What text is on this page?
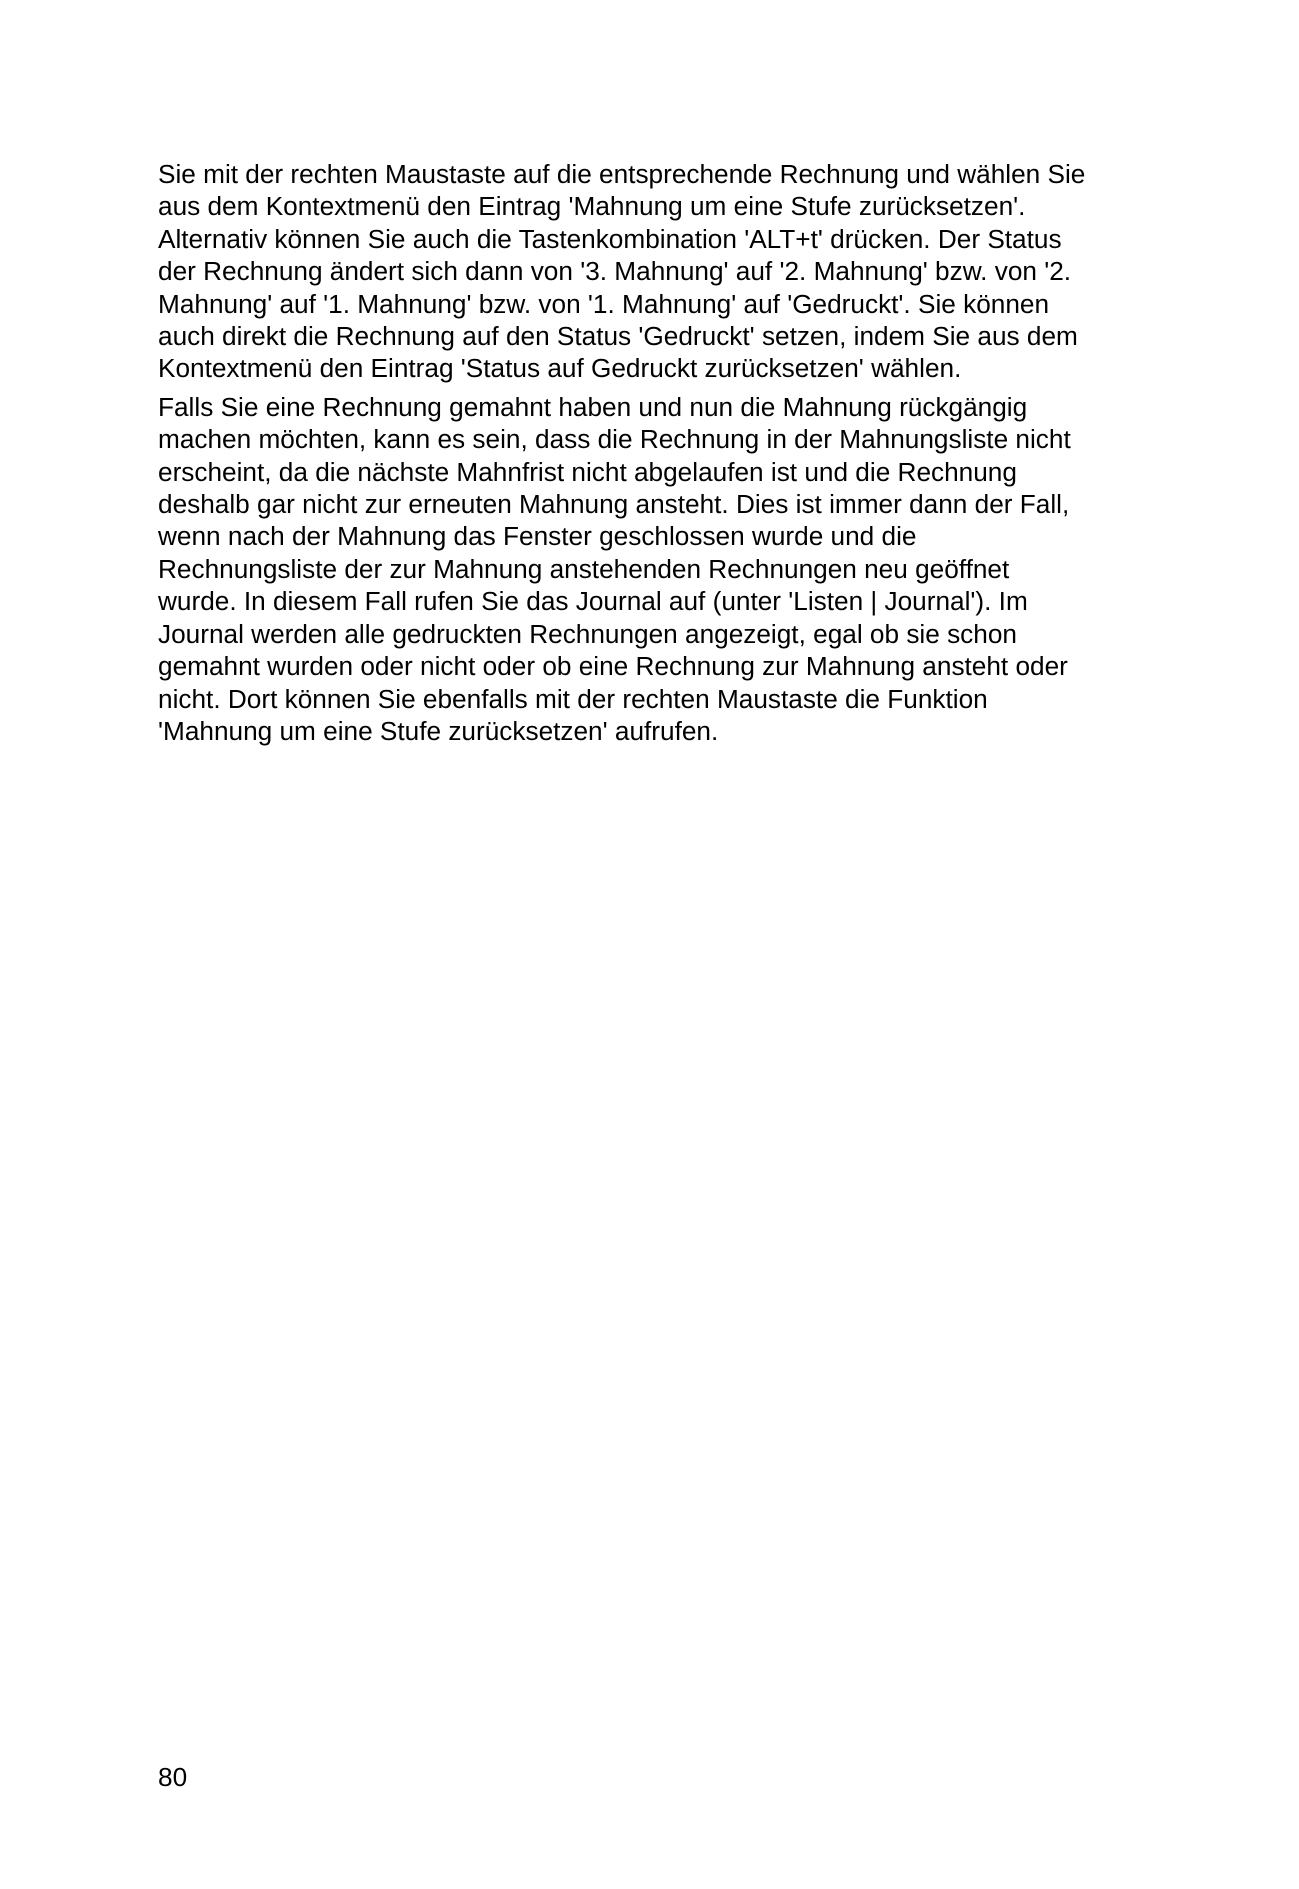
Sie mit der rechten Maustaste auf die entsprechende Rechnung und wählen Sie
aus dem Kontextmenü den Eintrag 'Mahnung um eine Stufe zurücksetzen'.
Alternativ können Sie auch die Tastenkombination 'ALT+t' drücken. Der Status
der Rechnung ändert sich dann von '3. Mahnung' auf '2. Mahnung' bzw. von '2.
Mahnung' auf '1. Mahnung' bzw. von '1. Mahnung' auf 'Gedruckt'. Sie können
auch direkt die Rechnung auf den Status 'Gedruckt' setzen, indem Sie aus dem
Kontextmenü den Eintrag 'Status auf Gedruckt zurücksetzen' wählen.

Falls Sie eine Rechnung gemahnt haben und nun die Mahnung rückgängig
machen möchten, kann es sein, dass die Rechnung in der Mahnungsliste nicht
erscheint, da die nächste Mahnfrist nicht abgelaufen ist und die Rechnung
deshalb gar nicht zur erneuten Mahnung ansteht. Dies ist immer dann der Fall,
wenn nach der Mahnung das Fenster geschlossen wurde und die
Rechnungsliste der zur Mahnung anstehenden Rechnungen neu geöffnet
wurde. In diesem Fall rufen Sie das Journal auf (unter 'Listen | Journal'). Im
Journal werden alle gedruckten Rechnungen angezeigt, egal ob sie schon
gemahnt wurden oder nicht oder ob eine Rechnung zur Mahnung ansteht oder
nicht. Dort können Sie ebenfalls mit der rechten Maustaste die Funktion
'Mahnung um eine Stufe zurücksetzen' aufrufen.

80
